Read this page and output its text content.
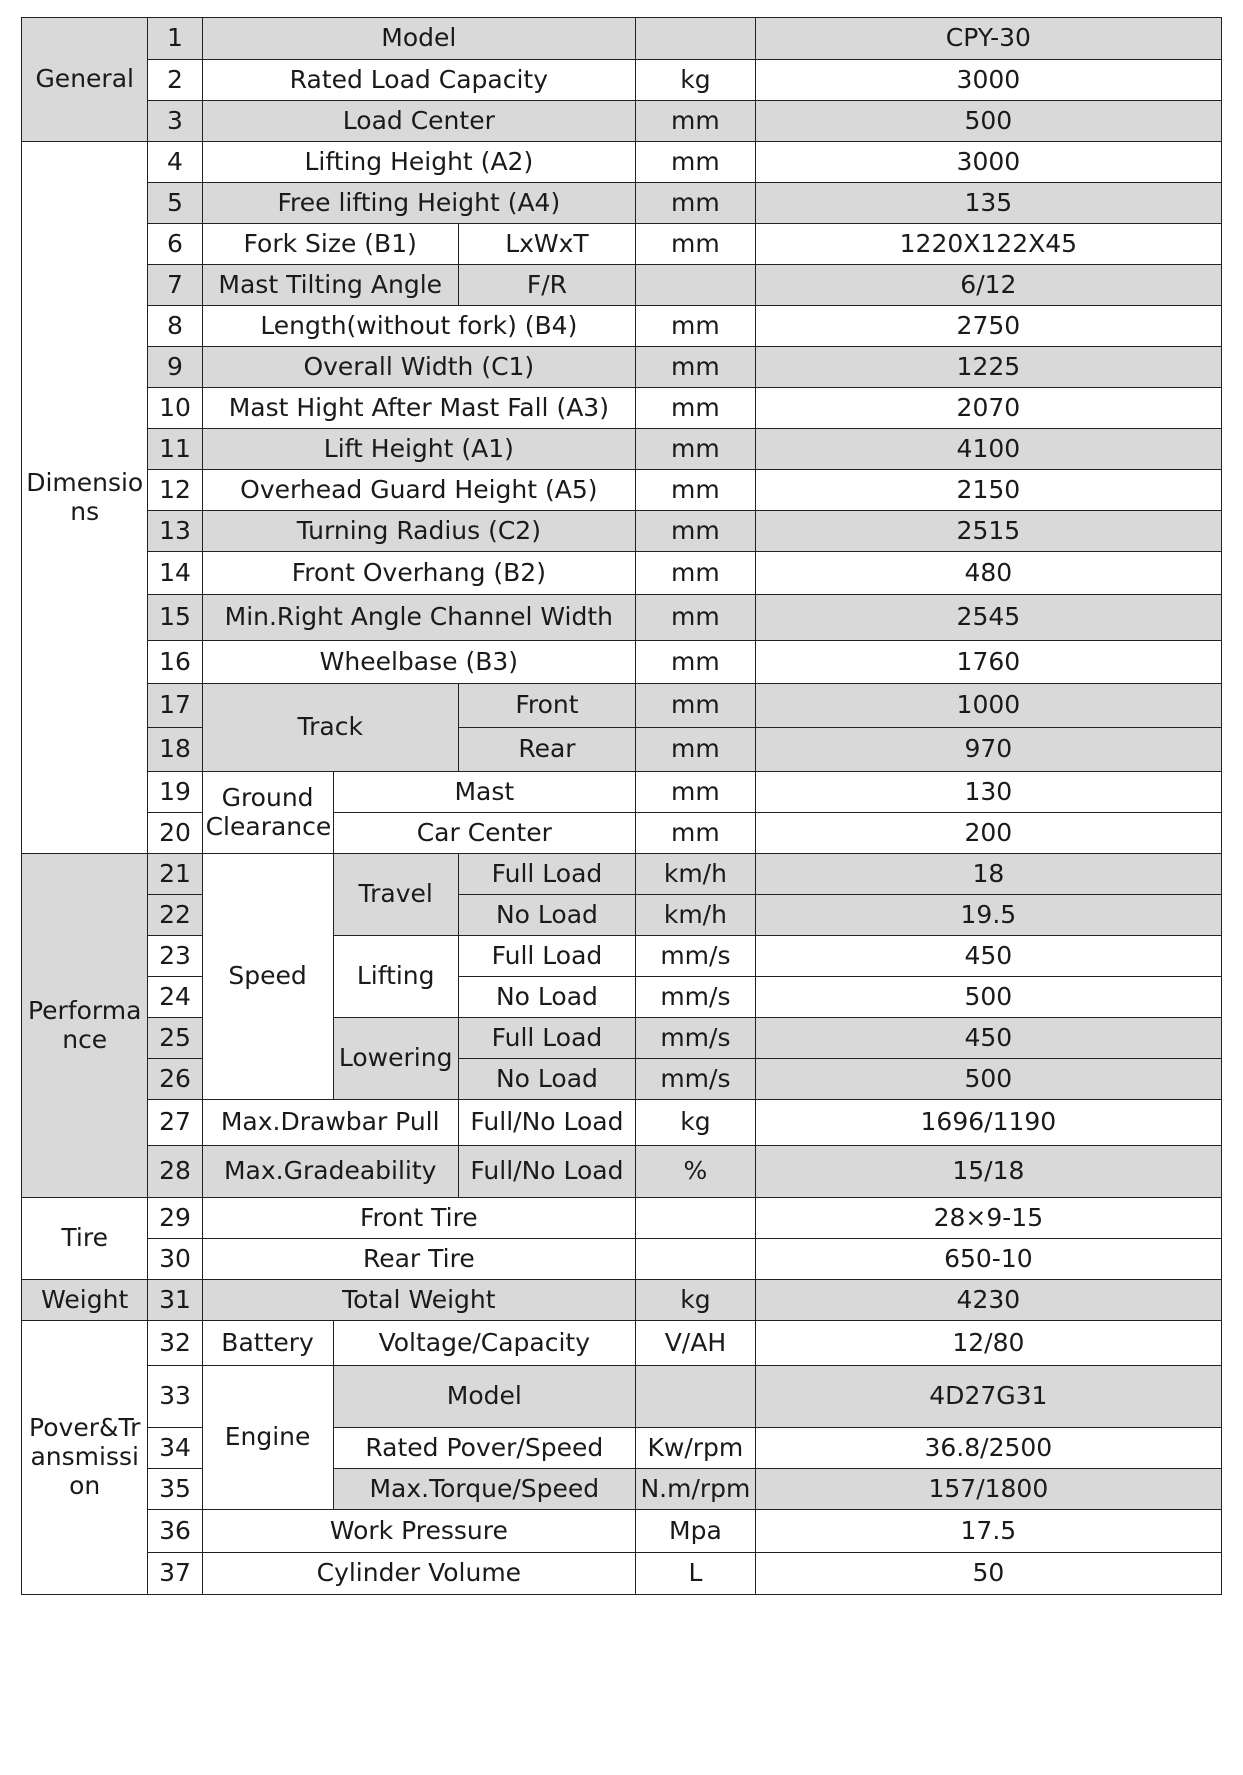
General	1	Model				CPY-30
	2	Rated Load Capacity			kg	3000
	3	Load Center			mm	500
Dimensio ns	4	Lifting Height (A2)			mm	3000
	5	Free lifting Height (A4)			mm	135
	6	Fork Size (B1)		LxWxT	mm	1220X122X45
	7	Mast Tilting Angle		F/R		6/12
	8	Length(without fork) (B4)			mm	2750
	9	Overall Width (C1)			mm	1225
	10	Mast Hight After Mast Fall (A3)			mm	2070
	11	Lift Height (A1)			mm	4100
	12	Overhead Guard Height (A5)			mm	2150
	13	Turning Radius (C2)			mm	2515
	14	Front Overhang (B2)			mm	480
	15	Min.Right Angle Channel Width			mm	2545
	16	Wheelbase (B3)			mm	1760
	17	Track		Front	mm	1000
	18			Rear	mm	970
	19	Ground Clearance	Mast		mm	130
	20		Car Center		mm	200
Performa nce	21	Speed	Travel	Full Load	km/h	18
	22			No Load	km/h	19.5
	23		Lifting	Full Load	mm/s	450
	24			No Load	mm/s	500
	25		Lowering	Full Load	mm/s	450
	26			No Load	mm/s	500
	27	Max.Drawbar Pull		Full/No Load	kg	1696/1190
	28	Max.Gradeability		Full/No Load	%	15/18
Tire	29	Front Tire				28×9-15
	30	Rear Tire				650-10
Weight	31	Total Weight			kg	4230
Pover&Tr ansmissi on	32	Battery	Voltage/Capacity		V/AH	12/80
	33	Engine	Model			4D27G31
	34		Rated Pover/Speed		Kw/rpm	36.8/2500
	35		Max.Torque/Speed		N.m/rpm	157/1800
	36	Work Pressure			Mpa	17.5
	37	Cylinder Volume			L	50
